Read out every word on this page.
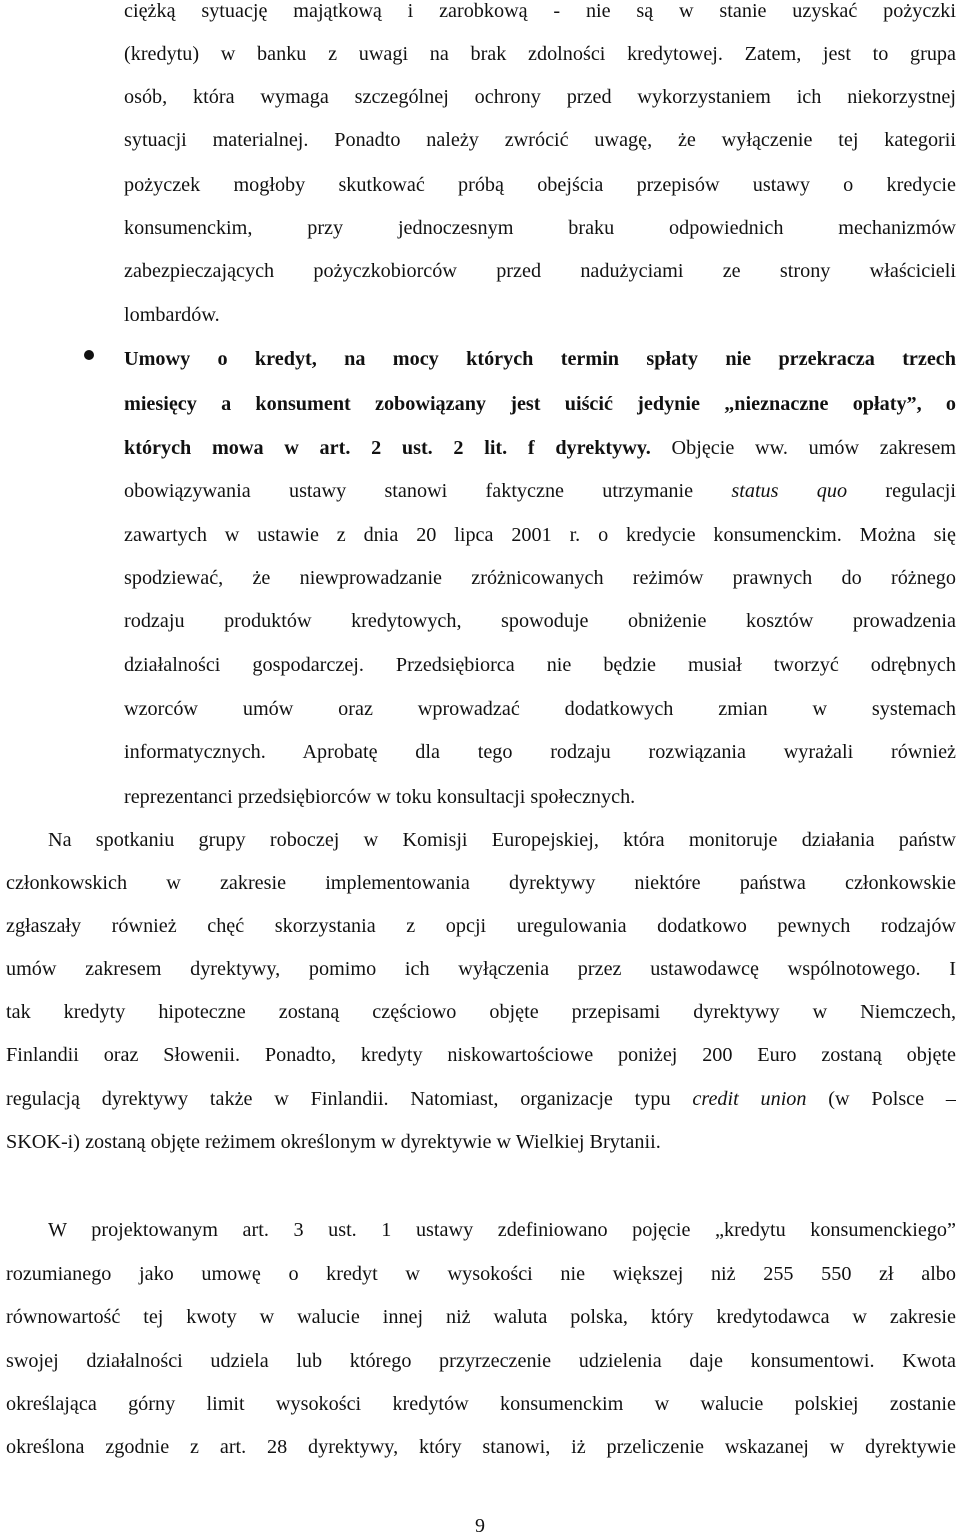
ciężką sytuację majątkową i zarobkową - nie są w stanie uzyskać pożyczki
(kredytu) w banku z uwagi na brak zdolności kredytowej. Zatem, jest to grupa
osób, która wymaga szczególnej ochrony przed wykorzystaniem ich niekorzystnej
sytuacji materialnej. Ponadto należy zwrócić uwagę, że wyłączenie tej kategorii
pożyczek mogłoby skutkować próbą obejścia przepisów ustawy o kredycie
konsumenckim, przy jednoczesnym braku odpowiednich mechanizmów
zabezpieczających pożyczkobiorców przed nadużyciami ze strony właścicieli
lombardów.
Umowy o kredyt, na mocy których termin spłaty nie przekracza trzech
miesięcy a konsument zobowiązany jest uiścić jedynie „nieznaczne opłaty”, o
których mowa w art. 2 ust. 2 lit. f dyrektywy. Objęcie ww. umów zakresem
obowiązywania ustawy stanowi faktyczne utrzymanie status quo regulacji
zawartych w ustawie z dnia 20 lipca 2001 r. o kredycie konsumenckim. Można się
spodziewać, że niewprowadzanie zróżnicowanych reżimów prawnych do różnego
rodzaju produktów kredytowych, spowoduje obniżenie kosztów prowadzenia
działalności gospodarczej. Przedsiębiorca nie będzie musiał tworzyć odrębnych
wzorców umów oraz wprowadzać dodatkowych zmian w systemach
informatycznych. Aprobatę dla tego rodzaju rozwiązania wyrażali również
reprezentanci przedsiębiorców w toku konsultacji społecznych.
Na spotkaniu grupy roboczej w Komisji Europejskiej, która monitoruje działania państw
członkowskich w zakresie implementowania dyrektywy niektóre państwa członkowskie
zgłaszały również chęć skorzystania z opcji uregulowania dodatkowo pewnych rodzajów
umów zakresem dyrektywy, pomimo ich wyłączenia przez ustawodawcę wspólnotowego. I
tak kredyty hipoteczne zostaną częściowo objęte przepisami dyrektywy w Niemczech,
Finlandii oraz Słowenii. Ponadto, kredyty niskowartościowe poniżej 200 Euro zostaną objęte
regulacją dyrektywy także w Finlandii. Natomiast, organizacje typu credit union (w Polsce –
SKOK-i) zostaną objęte reżimem określonym w dyrektywie w Wielkiej Brytanii.
W projektowanym art. 3 ust. 1 ustawy zdefiniowano pojęcie „kredytu konsumenckiego”
rozumianego jako umowę o kredyt w wysokości nie większej niż 255 550 zł albo
równowartość tej kwoty w walucie innej niż waluta polska, który kredytodawca w zakresie
swojej działalności udziela lub którego przyrzeczenie udzielenia daje konsumentowi. Kwota
określająca górny limit wysokości kredytów konsumenckim w walucie polskiej zostanie
określona zgodnie z art. 28 dyrektywy, który stanowi, iż przeliczenie wskazanej w dyrektywie
9
